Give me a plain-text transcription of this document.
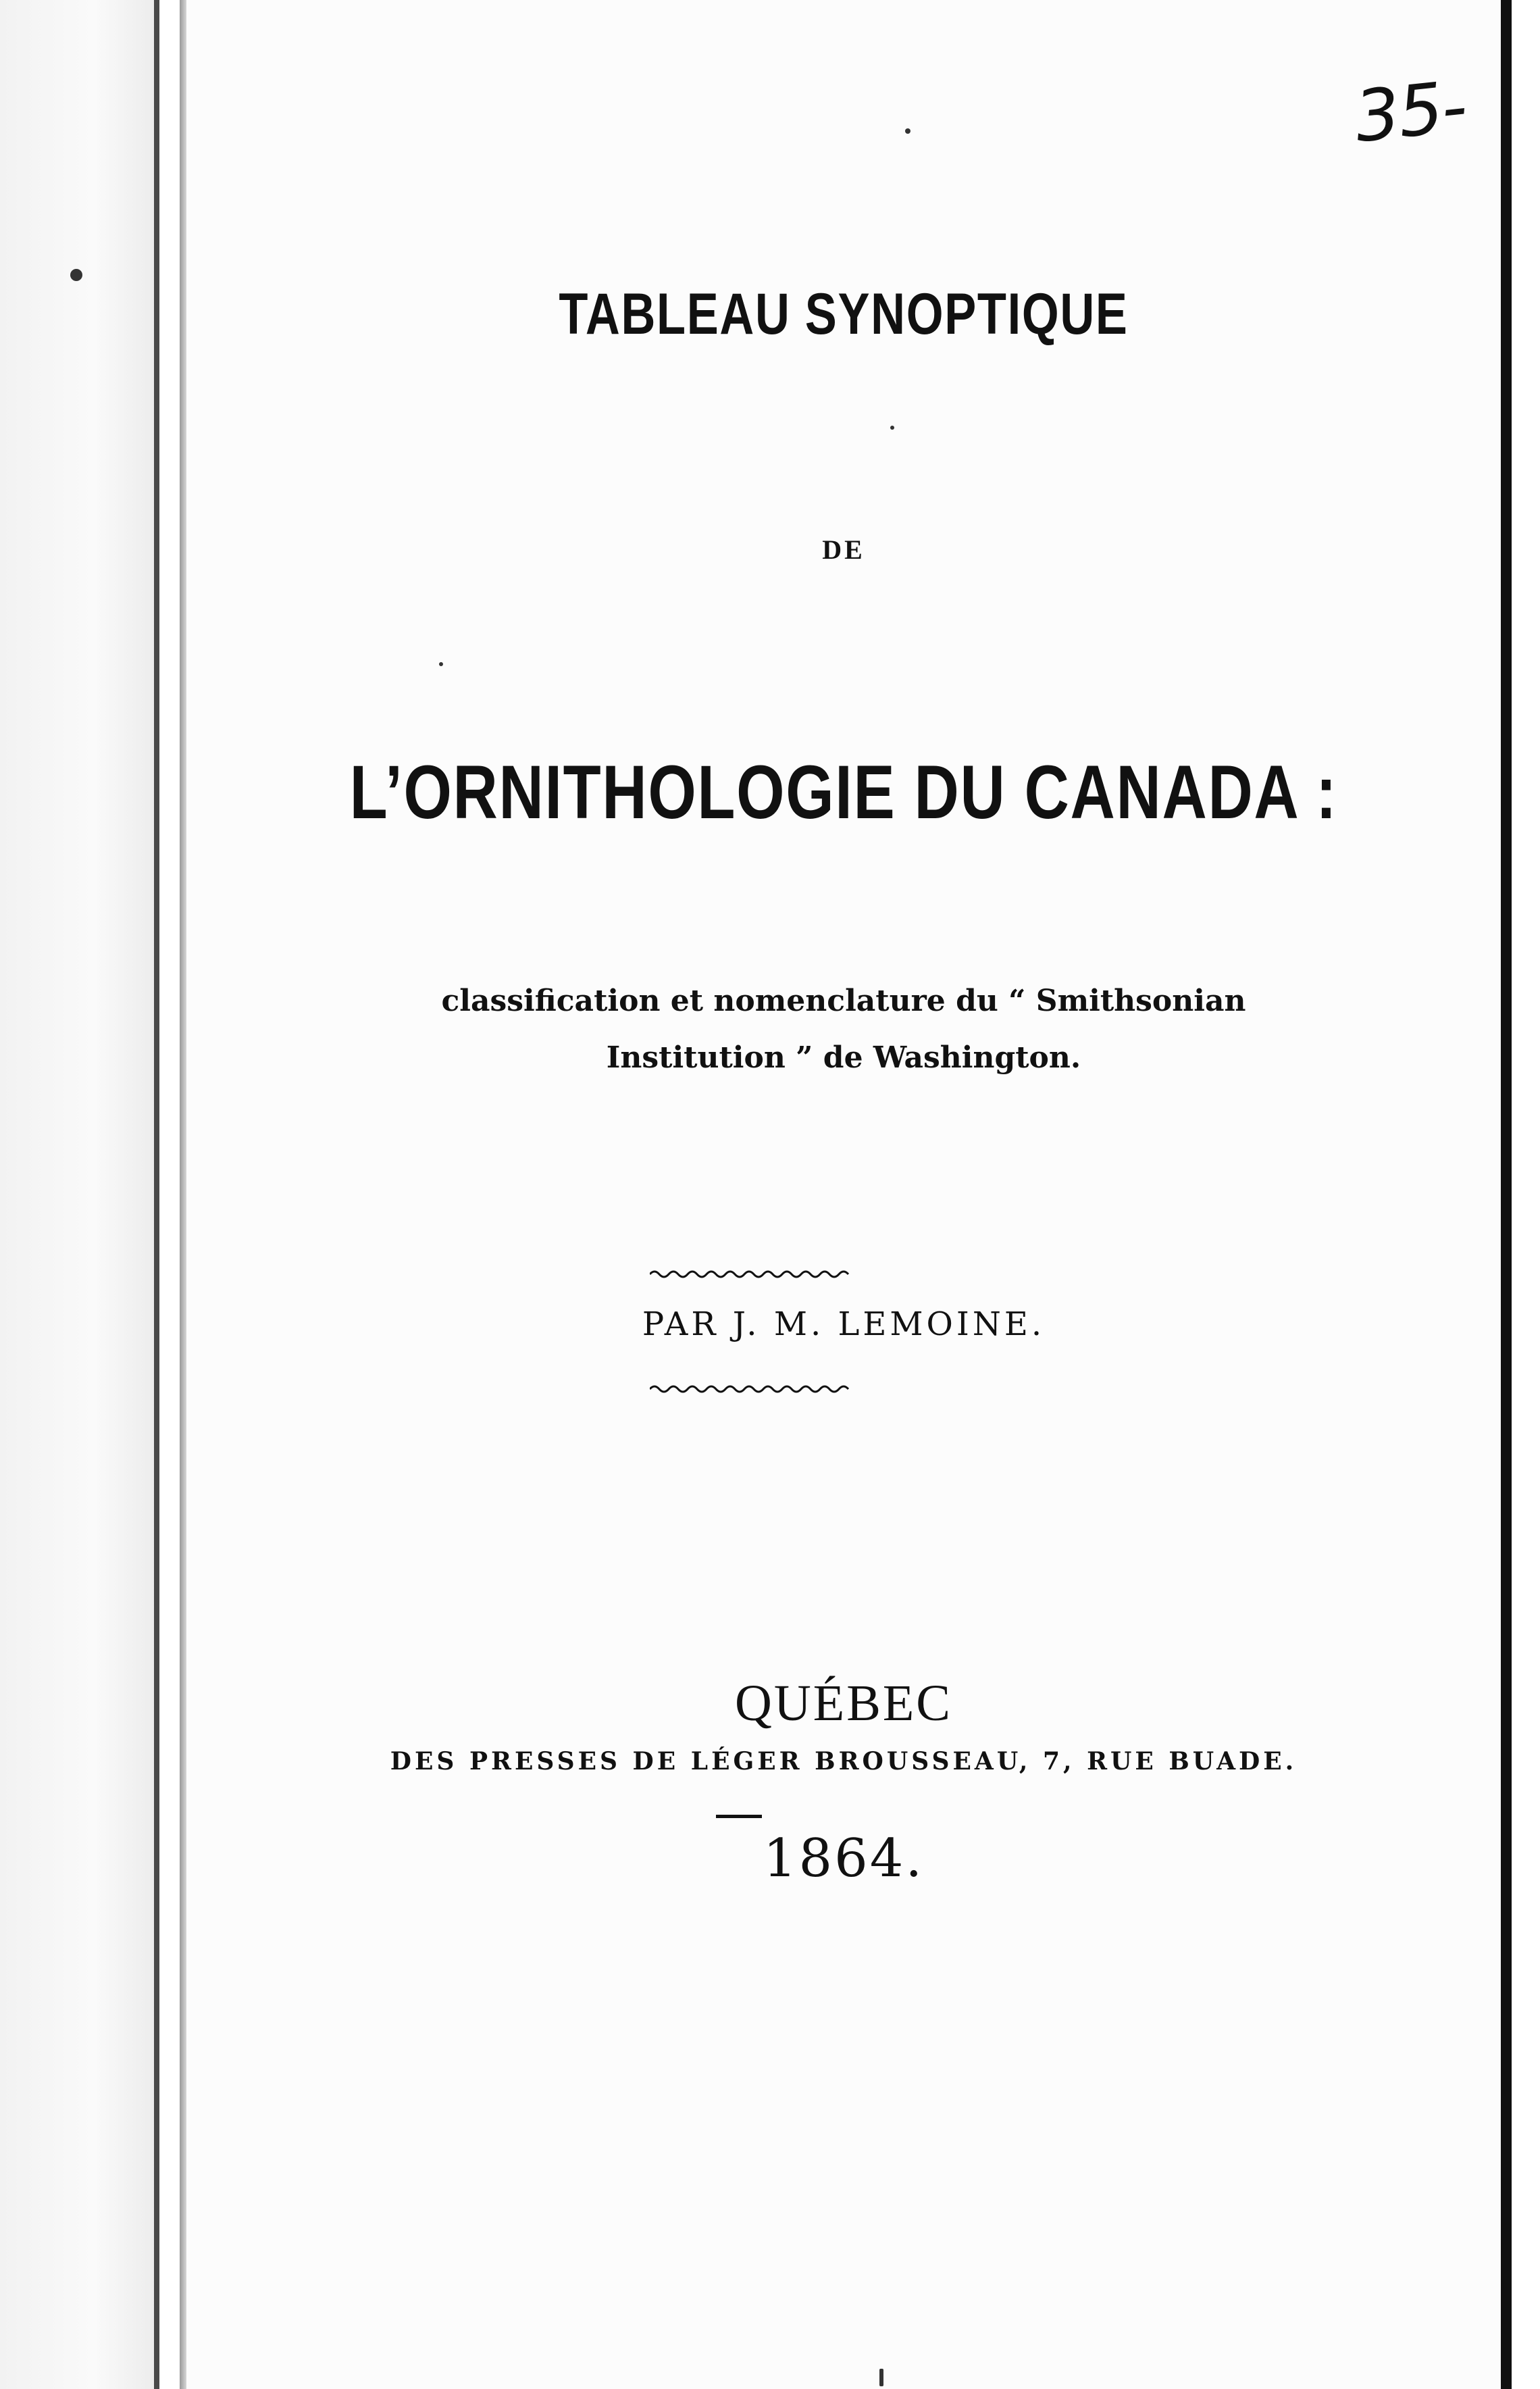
35-
TABLEAU SYNOPTIQUE
DE
L’ORNITHOLOGIE DU CANADA :
classification et nomenclature du “ Smithsonian
Institution ” de Washington.
PAR J. M. LEMOINE.
QUÉBEC
DES PRESSES DE LÉGER BROUSSEAU, 7, RUE BUADE.
1864.
